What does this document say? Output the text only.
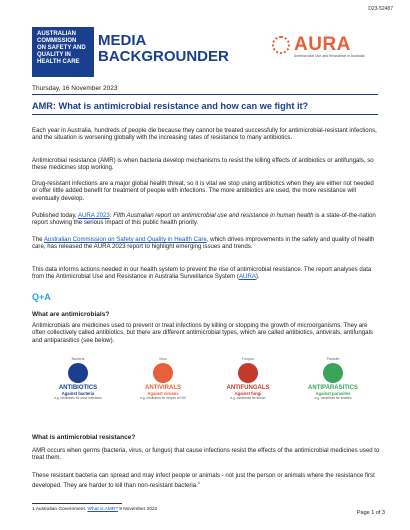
D23-52487
AUSTRALIAN
COMMISSION
ON SAFETY AND
QUALITY IN
HEALTH CARE
MEDIA
BACKGROUNDER
AURA
Antimicrobial Use and Resistance in Australia
Thursday, 16 November 2023
AMR: What is antimicrobial resistance and how can we fight it?
Each year in Australia, hundreds of people die because they cannot be treated successfully for antimicrobial-resistant infections, and the situation is worsening globally with the increasing rates of resistance to many antibiotics.
Antimicrobial resistance (AMR) is when bacteria develop mechanisms to resist the killing effects of antibiotics or antifungals, so these medicines stop working.
Drug-resistant infections are a major global health threat, so it is vital we stop using antibiotics when they are either not needed or offer little added benefit for treatment of people with infections. The more antibiotics are used, the more resistance will eventually develop.
Published today, AURA 2023: Fifth Australian report on antimicrobial use and resistance in human health is a state-of-the-nation report showing the serious impact of this public health priority.
The Australian Commission on Safety and Quality in Health Care, which drives improvements in the safety and quality of health care, has released the AURA 2023 report to highlight emerging issues and trends.
This data informs actions needed in our health system to prevent the rise of antimicrobial resistance. The report analyses data from the Antimicrobial Use and Resistance in Australia Surveillance System (AURA).
Q+A
What are antimicrobials?
Antimicrobials are medicines used to prevent or treat infections by killing or stopping the growth of microorganisms. They are often collectively called antibiotics, but there are different antimicrobial types, which are called antibiotics, antivirals, antifungals and antiparasitics (see below).
Bacteria
ANTIBIOTICS
Against bacteria
e.g. medicines for urine infections
Virus
ANTIVIRALS
Against viruses
e.g. medicines for herpes or HIV
Fungus
ANTIFUNGALS
Against fungi
e.g. medicines for thrush
Parasite
ANTIPARASITICS
Against parasites
e.g. medicines for scabies
What is antimicrobial resistance?
AMR occurs when germs (bacteria, virus, or fungus) that cause infections resist the effects of the antimicrobial medicines used to treat them.
These resistant bacteria can spread and may infect people or animals - not just the person or animals where the resistance first developed. They are harder to kill than non-resistant bacteria.$^1$
1 Australian Government. What is AMR? 9 November 2022
Page 1 of 3
